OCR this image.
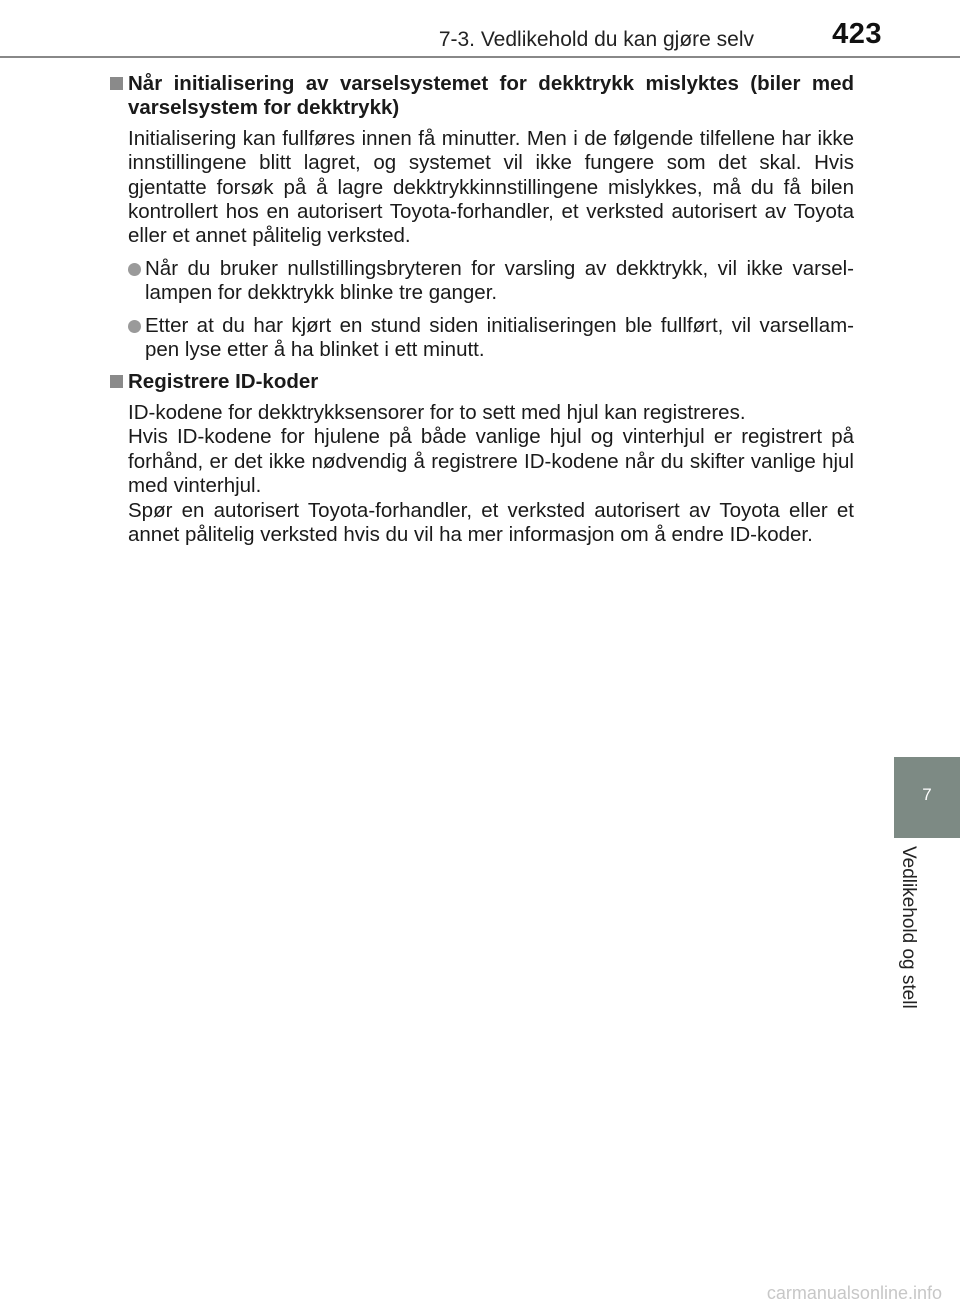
7-3. Vedlikehold du kan gjøre selv	423
Når initialisering av varselsystemet for dekktrykk mislyktes (biler med varselsystem for dekktrykk)
Initialisering kan fullføres innen få minutter. Men i de følgende tilfellene har ikke innstillingene blitt lagret, og systemet vil ikke fungere som det skal. Hvis gjentatte forsøk på å lagre dekktrykkinnstillingene mislykkes, må du få bilen kontrollert hos en autorisert Toyota-forhandler, et verksted autorisert av Toyota eller et annet pålitelig verksted.
Når du bruker nullstillingsbryteren for varsling av dekktrykk, vil ikke varsel-lampen for dekktrykk blinke tre ganger.
Etter at du har kjørt en stund siden initialiseringen ble fullført, vil varsellam-pen lyse etter å ha blinket i ett minutt.
Registrere ID-koder
ID-kodene for dekktrykksensorer for to sett med hjul kan registreres.
Hvis ID-kodene for hjulene på både vanlige hjul og vinterhjul er registrert på forhånd, er det ikke nødvendig å registrere ID-kodene når du skifter vanlige hjul med vinterhjul.
Spør en autorisert Toyota-forhandler, et verksted autorisert av Toyota eller et annet pålitelig verksted hvis du vil ha mer informasjon om å endre ID-koder.
7
Vedlikehold og stell
carmanualsonline.info
